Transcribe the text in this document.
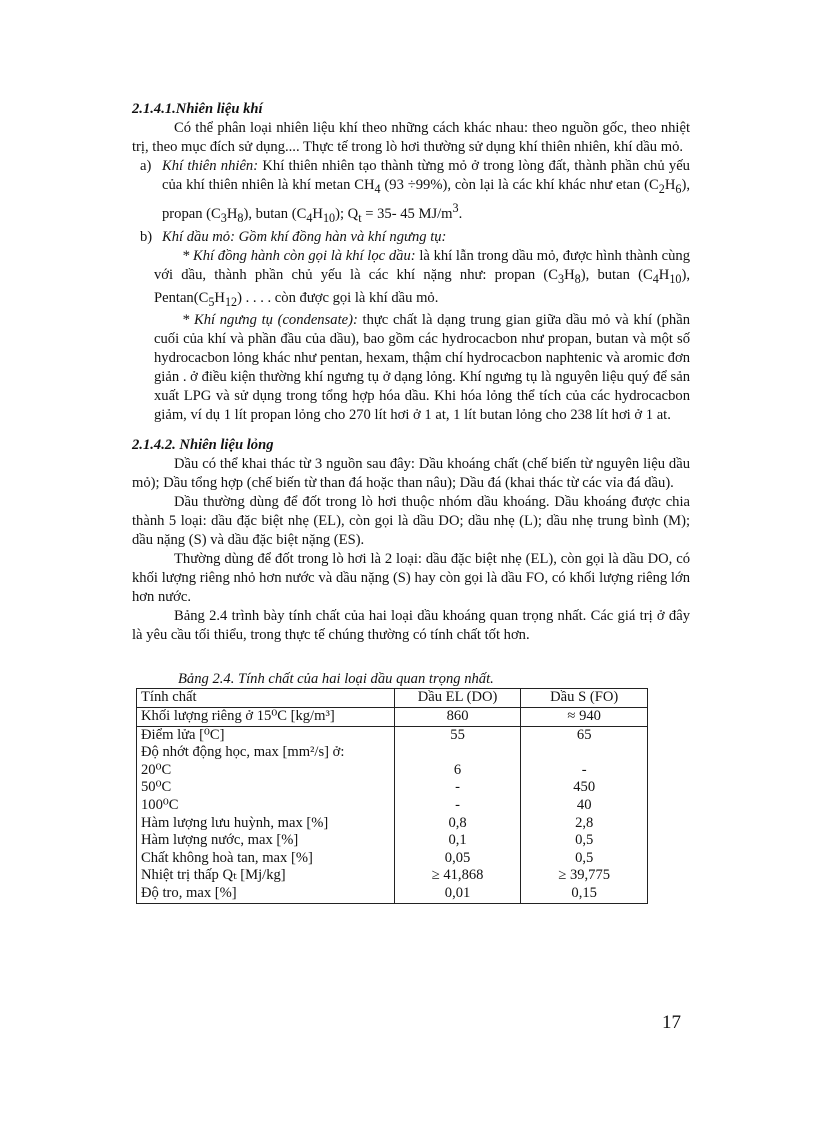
2.1.4.1.Nhiên liệu khí

Có thể phân loại nhiên liệu khí theo những cách khác nhau: theo nguồn gốc, theo nhiệt trị, theo mục đích sử dụng.... Thực tế trong lò hơi thường sử dụng khí thiên nhiên, khí dầu mỏ.

a) Khí thiên nhiên: Khí thiên nhiên tạo thành từng mỏ ở trong lòng đất, thành phần chủ yếu của khí thiên nhiên là khí metan $CH_4$ (93 ÷99%), còn lại là các khí khác như etan $(C_2H_6)$, propan $(C_3H_8)$, butan $(C_4H_{10})$; $Q_t = 35-$ 45 $MJ/m^3$.
b) Khí dầu mỏ: Gồm khí đồng hàn và khí ngưng tụ:

* Khí đồng hành còn gọi là khí lọc dầu: là khí lẫn trong dầu mỏ, được hình thành cùng với dầu, thành phần chủ yếu là các khí nặng như: propan $(C_3H_8)$, butan $(C_4H_{10})$, $Pentan(C_5H_{12})$ . . . . còn được gọi là khí dầu mỏ.

* Khí ngưng tụ (condensate): thực chất là dạng trung gian giữa dầu mỏ và khí (phần cuối của khí và phần đầu của dầu), bao gồm các hydrocacbon như propan, butan và một số hydrocacbon lỏng khác như pentan, hexam, thậm chí hydrocacbon naphtenic và aromic đơn giản . ở điều kiện thường khí ngưng tụ ở dạng lỏng. Khí ngưng tụ là nguyên liệu quý để sản xuất LPG và sử dụng trong tổng hợp hóa dầu. Khi hóa lỏng thể tích của các hydrocacbon giảm, ví dụ 1 lít propan lỏng cho 270 lít hơi ở 1 at, 1 lít butan lỏng cho 238 lít hơi ở 1 at.

2.1.4.2. Nhiên liệu lỏng

Dầu có thể khai thác từ 3 nguồn sau đây: Dầu khoáng chất (chế biến từ nguyên liệu dầu mỏ); Dầu tổng hợp (chế biến từ than đá hoặc than nâu); Dầu đá (khai thác từ các vỉa đá dầu).

Dầu thường dùng để đốt trong lò hơi thuộc nhóm dầu khoáng. Dầu khoáng được chia thành 5 loại: dầu đặc biệt nhẹ (EL), còn gọi là dầu DO; dầu nhẹ (L); dầu nhẹ trung bình (M); dầu nặng (S) và dầu đặc biệt nặng (ES).

Thường dùng để đốt trong lò hơi là 2 loại: dầu đặc biệt nhẹ (EL), còn gọi là dầu DO, có khối lượng riêng nhỏ hơn nước và dầu nặng (S) hay còn gọi là dầu FO, có khối lượng riêng lớn hơn nước.

Bảng 2.4 trình bày tính chất của hai loại dầu khoáng quan trọng nhất. Các giá trị ở đây là yêu cầu tối thiểu, trong thực tế chúng thường có tính chất tốt hơn.

Bảng 2.4. Tính chất của hai loại dầu quan trọng nhất.
Tính chất	Dầu EL (DO)	Dầu S (FO)
Khối lượng riêng ở 15⁰C [kg/m³]	860	≈ 940
Điểm lửa [⁰C]	55	65
Độ nhớt động học, max [mm²/s] ở:		
20⁰C	6	-
50⁰C	-	450
100⁰C	-	40
Hàm lượng lưu huỳnh, max [%]	0,8	2,8
Hàm lượng nước, max [%]	0,1	0,5
Chất không hoà tan, max [%]	0,05	0,5
Nhiệt trị thấp Qₜ [Mj/kg]	≥ 41,868	≥ 39,775
Độ tro, max [%]	0,01	0,15
17
